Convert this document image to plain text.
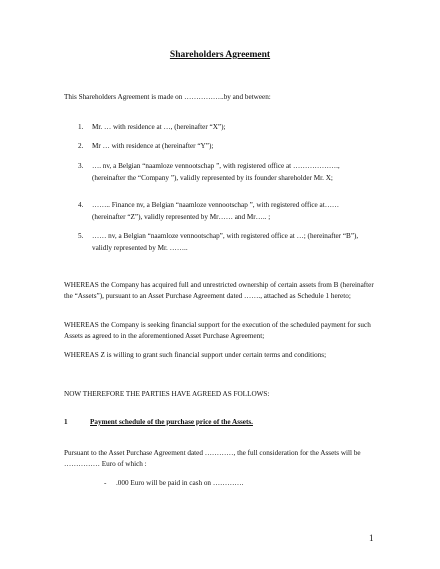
Shareholders Agreement
This Shareholders Agreement is made on ……………..by and between:
1.	Mr. … with residence at …, (hereinafter “X”);
2.	Mr … with residence at (hereinafter “Y”);
3.	…. nv, a Belgian “naamloze vennootschap ”, with registered office at ………………., (hereinafter the “Company ”), validly represented by its founder shareholder Mr. X;
4.	…….. Finance nv, a Belgian “naamloze vennootschap ”, with registered office at…… (hereinafter “Z”), validly represented by Mr…… and Mr….. ;
5.	…… nv, a Belgian “naamloze vennootschap”, with registered office at …; (hereinafter “B”), validly represented by Mr. ……..
WHEREAS the Company has acquired full and unrestricted ownership of certain assets from B (hereinafter the “Assets”), pursuant to an Asset Purchase Agreement dated ……., attached as Schedule 1 hereto;
WHEREAS the Company is seeking financial support for the execution of the scheduled payment for such Assets as agreed to in the aforementioned Asset Purchase Agreement;
WHEREAS Z is willing to grant such financial support under certain terms and conditions;
NOW THEREFORE THE PARTIES HAVE AGREED AS FOLLOWS:
1	Payment schedule of the purchase price of the Assets.
Pursuant to the Asset Purchase Agreement dated …………, the full consideration for the Assets will be …………… Euro of which :
- .000 Euro will be paid in cash on ………….
1
